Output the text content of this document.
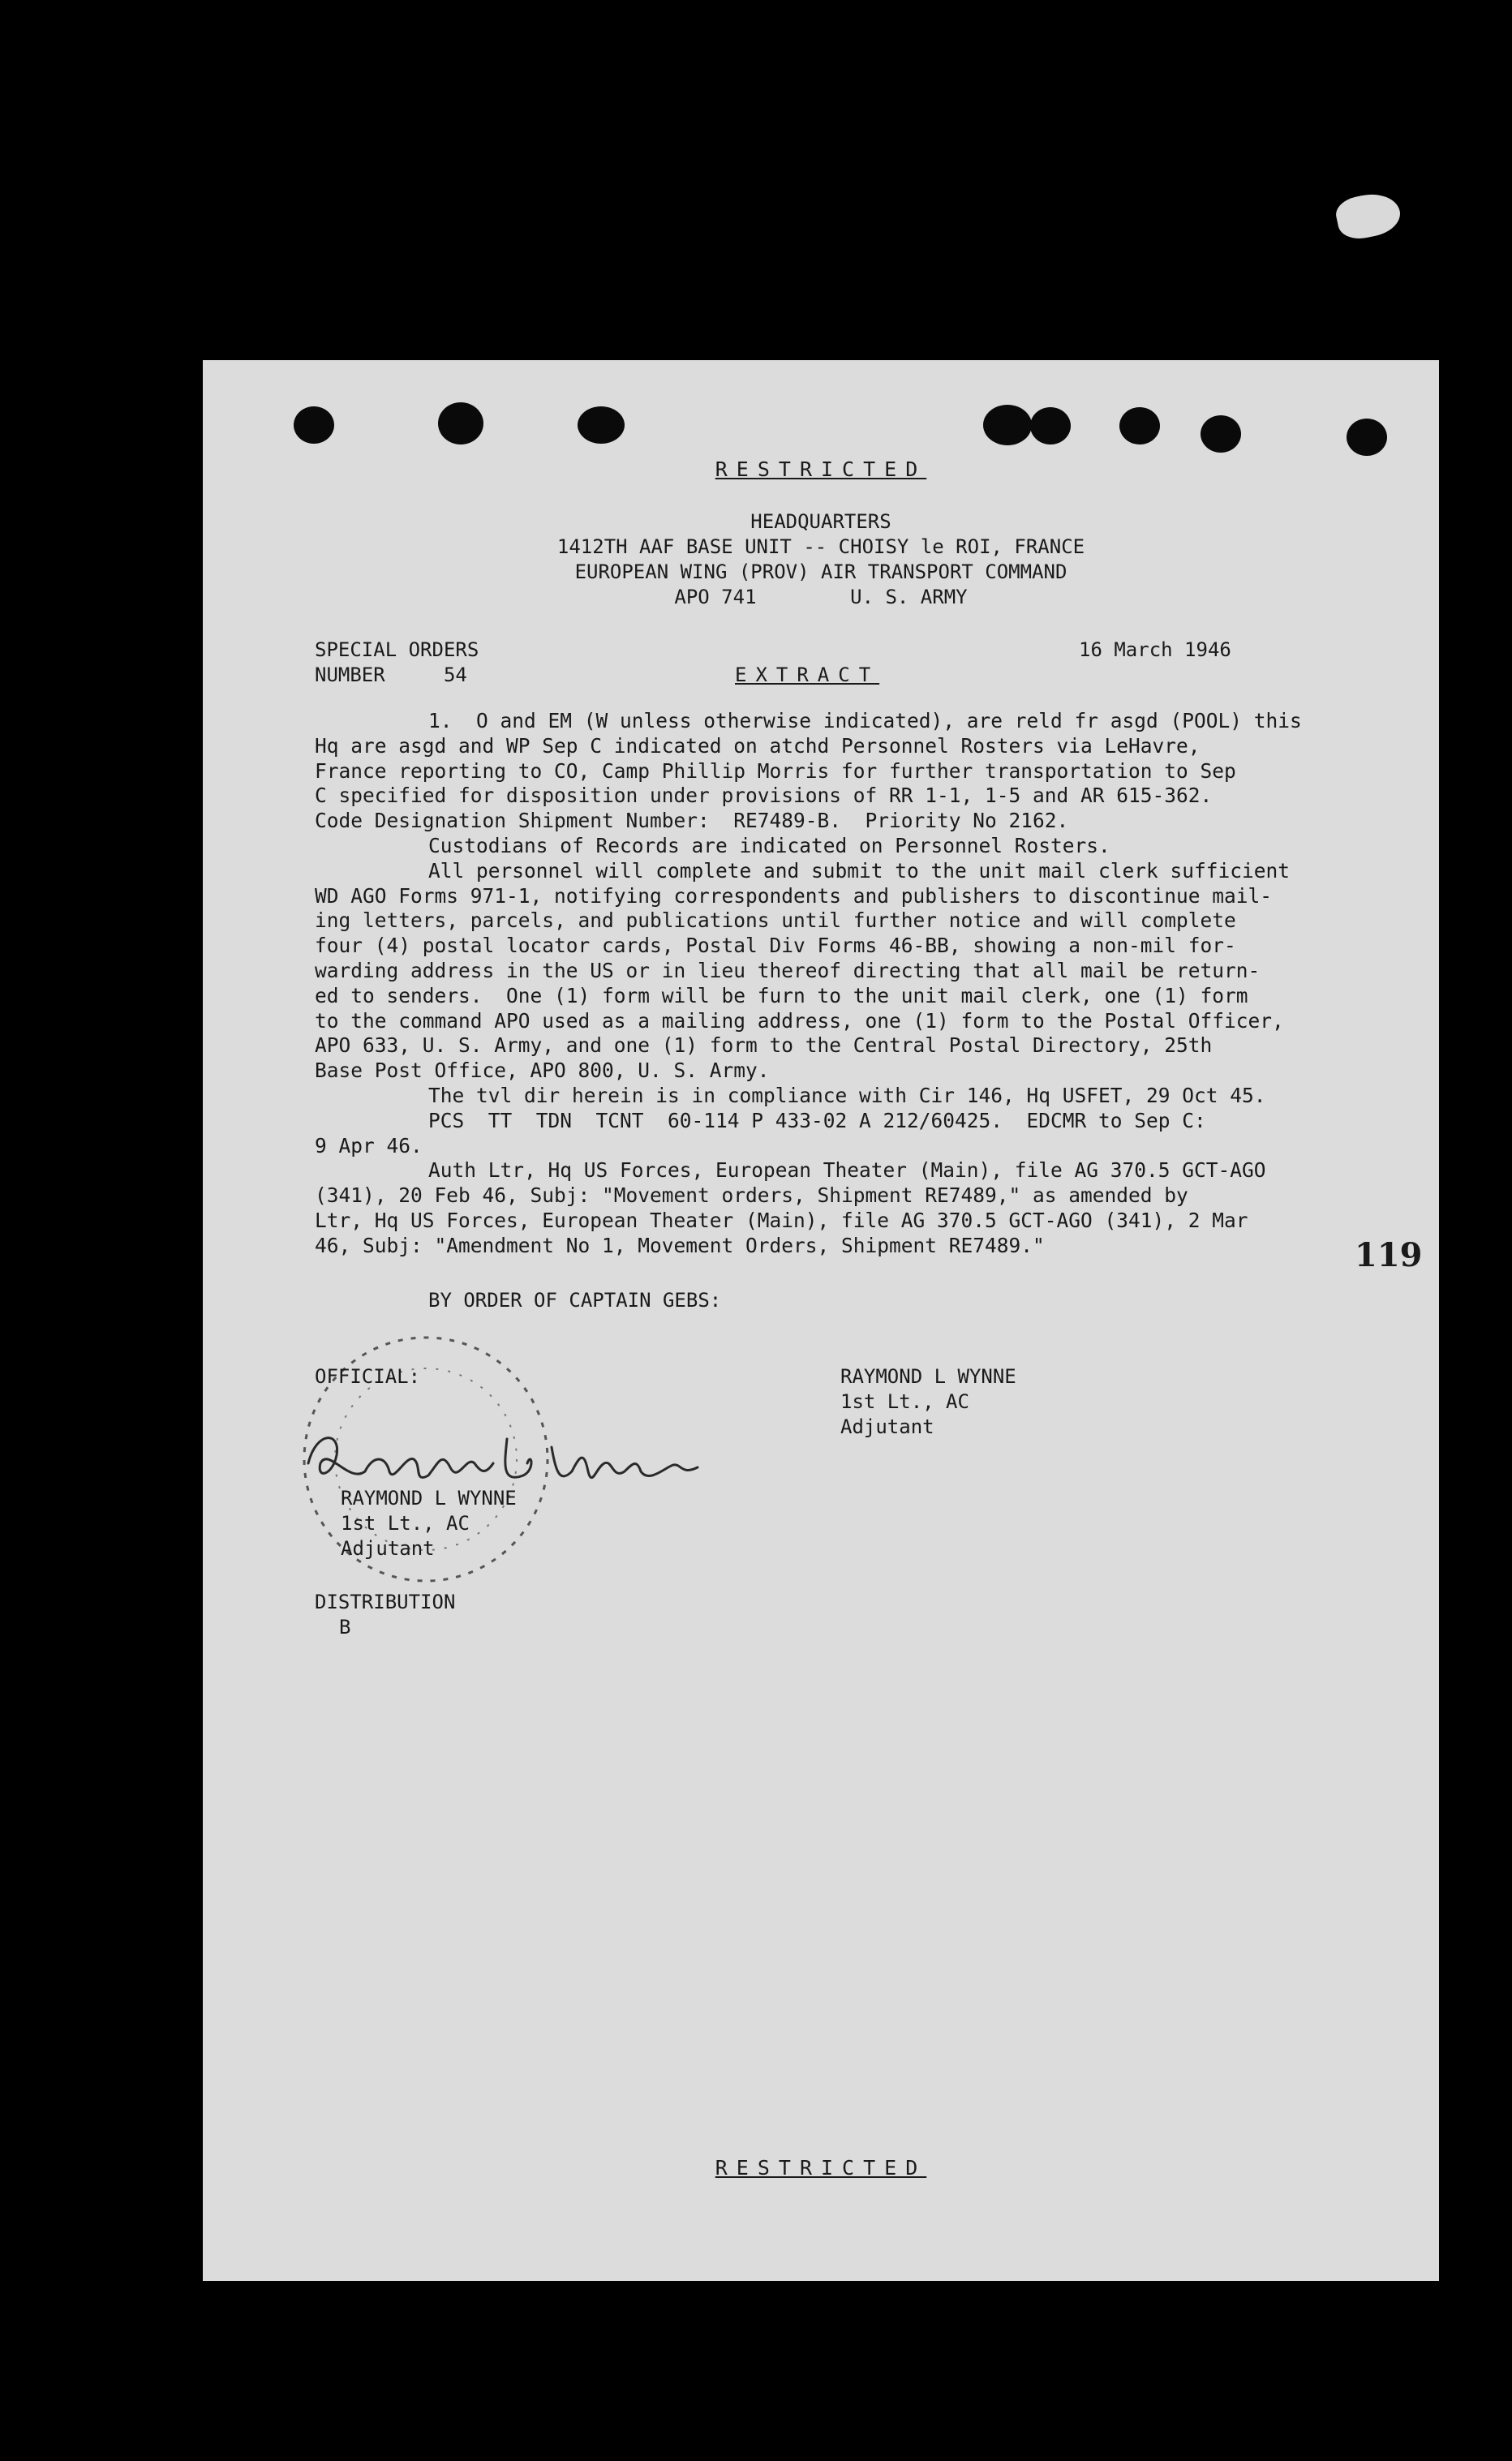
RESTRICTED
HEADQUARTERS
1412TH AAF BASE UNIT -- CHOISY le ROI, FRANCE
EUROPEAN WING (PROV) AIR TRANSPORT COMMAND
APO 741        U. S. ARMY
SPECIAL ORDERS
NUMBER     54
16 March 1946
EXTRACT
1.  O and EM (W unless otherwise indicated), are reld fr asgd (POOL) this
Hq are asgd and WP Sep C indicated on atchd Personnel Rosters via LeHavre,
France reporting to CO, Camp Phillip Morris for further transportation to Sep
C specified for disposition under provisions of RR 1-1, 1-5 and AR 615-362.
Code Designation Shipment Number:  RE7489-B.  Priority No 2162.
Custodians of Records are indicated on Personnel Rosters.
All personnel will complete and submit to the unit mail clerk sufficient
WD AGO Forms 971-1, notifying correspondents and publishers to discontinue mail-
ing letters, parcels, and publications until further notice and will complete
four (4) postal locator cards, Postal Div Forms 46-BB, showing a non-mil for-
warding address in the US or in lieu thereof directing that all mail be return-
ed to senders.  One (1) form will be furn to the unit mail clerk, one (1) form
to the command APO used as a mailing address, one (1) form to the Postal Officer,
APO 633, U. S. Army, and one (1) form to the Central Postal Directory, 25th
Base Post Office, APO 800, U. S. Army.
The tvl dir herein is in compliance with Cir 146, Hq USFET, 29 Oct 45.
PCS  TT  TDN  TCNT  60-114 P 433-02 A 212/60425.  EDCMR to Sep C:
9 Apr 46.
Auth Ltr, Hq US Forces, European Theater (Main), file AG 370.5 GCT-AGO
(341), 20 Feb 46, Subj: "Movement orders, Shipment RE7489," as amended by
Ltr, Hq US Forces, European Theater (Main), file AG 370.5 GCT-AGO (341), 2 Mar
46, Subj: "Amendment No 1, Movement Orders, Shipment RE7489."	119
BY ORDER OF CAPTAIN GEBS:
OFFICIAL:
RAYMOND L WYNNE
1st Lt., AC
Adjutant
RAYMOND L WYNNE
1st Lt., AC
Adjutant
DISTRIBUTION
B
RESTRICTED
